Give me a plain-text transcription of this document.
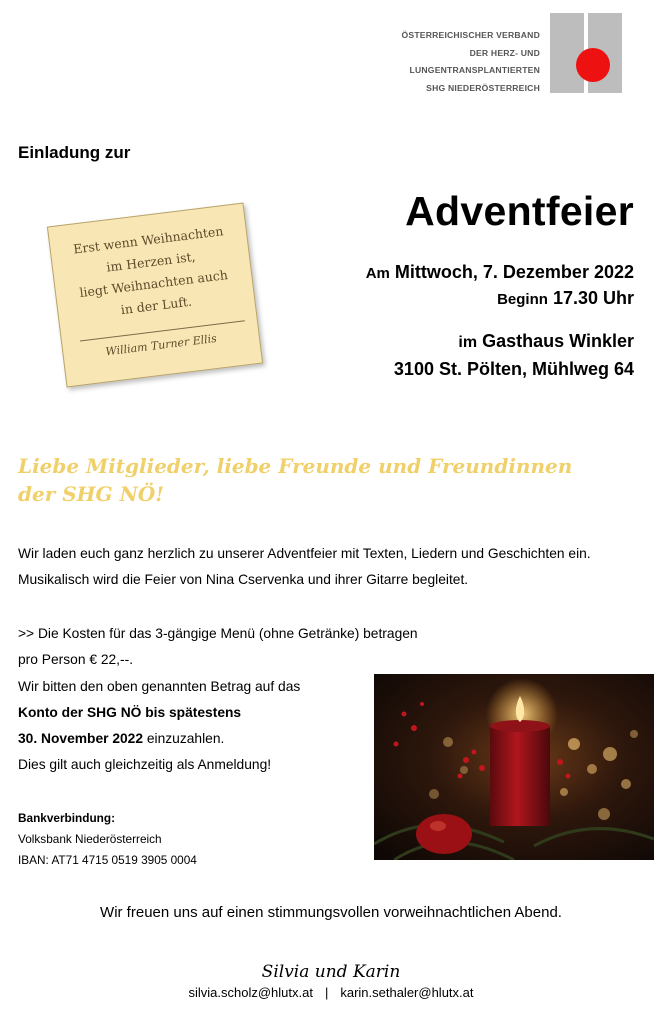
ÖSTERREICHISCHER VERBAND
DER HERZ- UND
LUNGENTRANSPLANTIERTEN
SHG NIEDERÖSTERREICH
Einladung zur
Adventfeier
Am Mittwoch, 7. Dezember 2022
Beginn 17.30 Uhr
im Gasthaus Winkler
3100 St. Pölten, Mühlweg 64
Erst wenn Weihnachten
im Herzen ist,
liegt Weihnachten auch
in der Luft.
William Turner Ellis
Liebe Mitglieder, liebe Freunde und Freundinnen
der SHG NÖ!
Wir laden euch ganz herzlich zu unserer Adventfeier mit Texten, Liedern und Geschichten ein. Musikalisch wird die Feier von Nina Cservenka und ihrer Gitarre begleitet.
>> Die Kosten für das 3-gängige Menü (ohne Getränke) betragen
pro Person € 22,--.
Wir bitten den oben genannten Betrag auf das
Konto der SHG NÖ bis spätestens
30. November 2022 einzuzahlen.
Dies gilt auch gleichzeitig als Anmeldung!
Bankverbindung:
Volksbank Niederösterreich
IBAN: AT71 4715 0519 3905 0004
Wir freuen uns auf einen stimmungsvollen vorweihnachtlichen Abend.
Silvia und Karin
silvia.scholz@hlutx.at | karin.sethaler@hlutx.at
